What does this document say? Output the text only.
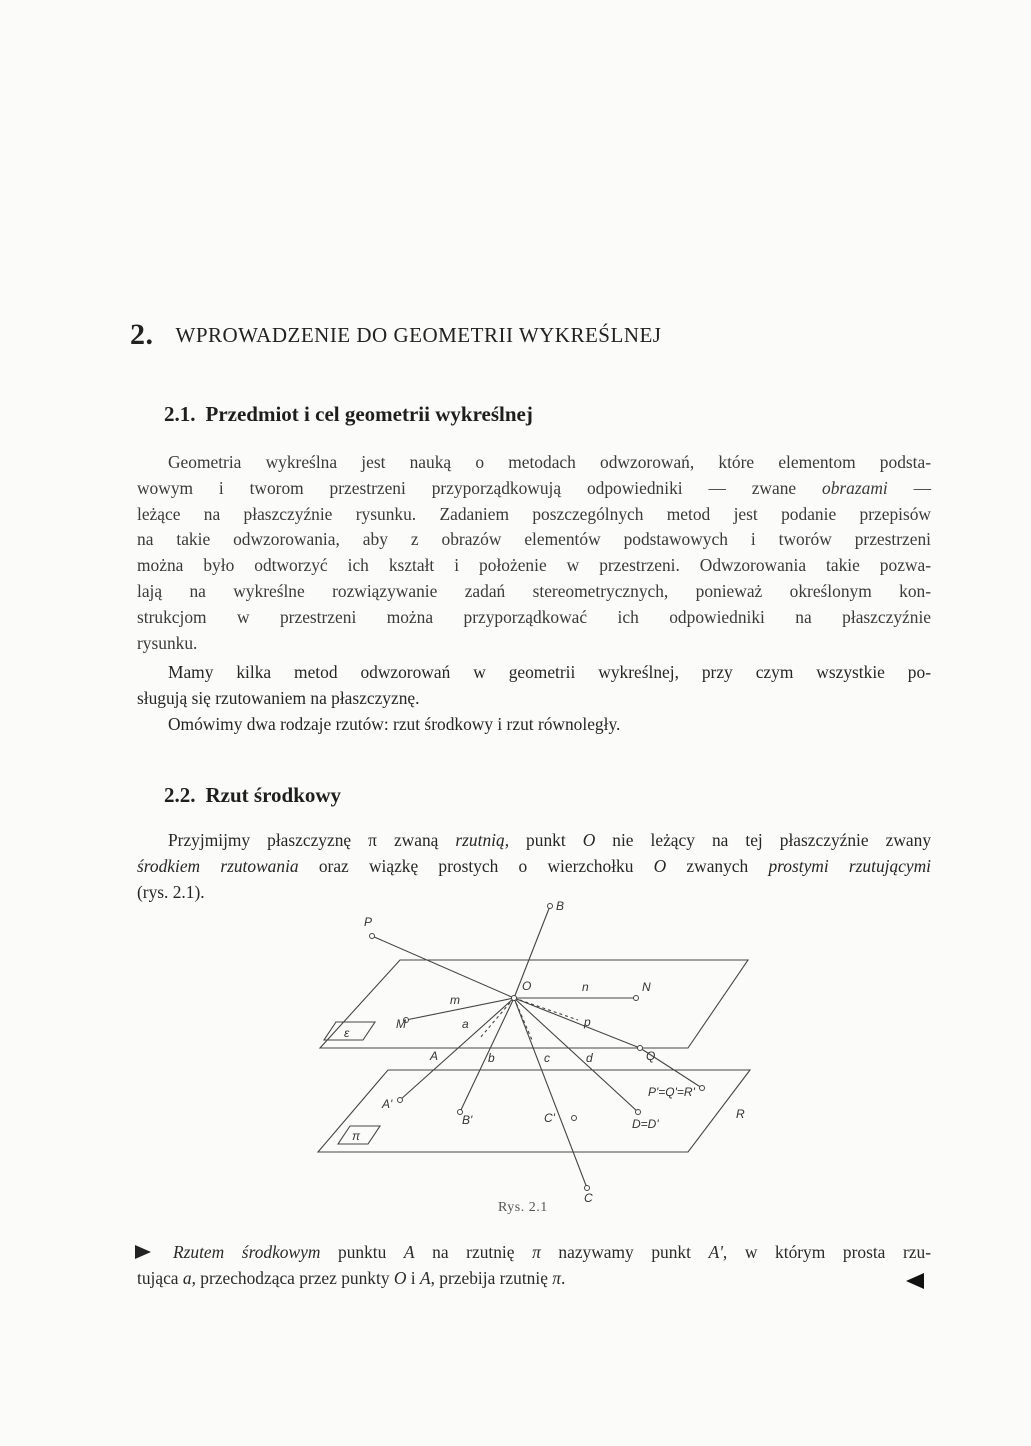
2. WPROWADZENIE DO GEOMETRII WYKREŚLNEJ
2.1. Przedmiot i cel geometrii wykreślnej
Geometria wykreślna jest nauką o metodach odwzorowań, które elementom podsta-
wowym i tworom przestrzeni przyporządkowują odpowiedniki — zwane obrazami —
leżące na płaszczyźnie rysunku. Zadaniem poszczególnych metod jest podanie przepisów
na takie odwzorowania, aby z obrazów elementów podstawowych i tworów przestrzeni
można było odtworzyć ich kształt i położenie w przestrzeni. Odwzorowania takie pozwa-
lają na wykreślne rozwiązywanie zadań stereometrycznych, ponieważ określonym kon-
strukcjom w przestrzeni można przyporządkować ich odpowiedniki na płaszczyźnie
rysunku.
Mamy kilka metod odwzorowań w geometrii wykreślnej, przy czym wszystkie po-
sługują się rzutowaniem na płaszczyznę.
Omówimy dwa rodzaje rzutów: rzut środkowy i rzut równoległy.
2.2. Rzut środkowy
Przyjmijmy płaszczyznę π zwaną rzutnią, punkt O nie leżący na tej płaszczyźnie zwany
środkiem rzutowania oraz wiązkę prostych o wierzchołku O zwanych prostymi rzutującymi
(rys. 2.1).
P
B
O	n	N
m
M
ε
a	p
A	b	c	d	Q
A'
B'	C'	D=D'
P'=Q'=R'
R
π
C
Rys. 2.1
Rzutem środkowym punktu A na rzutnię π nazywamy punkt A', w którym prosta rzu-
tująca a, przechodząca przez punkty O i A, przebija rzutnię π.
